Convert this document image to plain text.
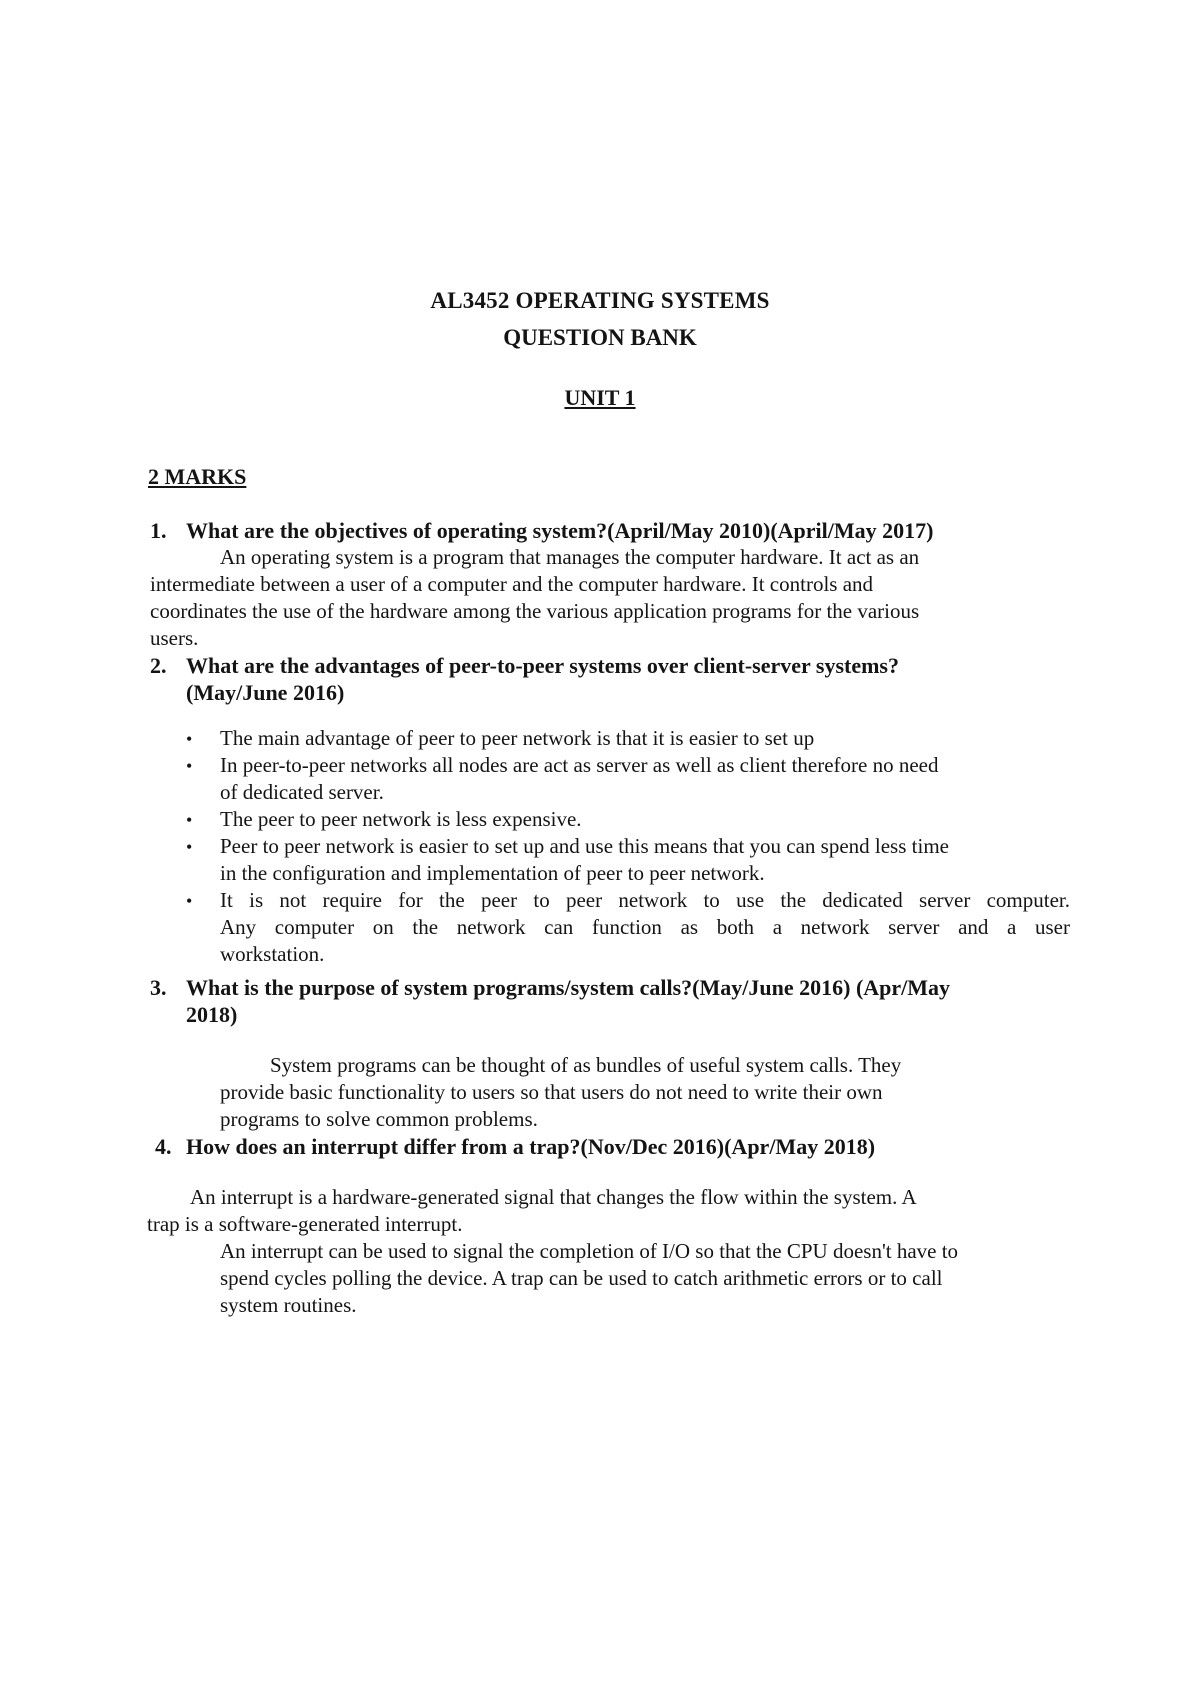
AL3452 OPERATING SYSTEMS
QUESTION BANK
UNIT 1
2 MARKS
1. What are the objectives of operating system?(April/May 2010)(April/May 2017)
An operating system is a program that manages the computer hardware. It act as an
intermediate between a user of a computer and the computer hardware. It controls and
coordinates the use of the hardware among the various application programs for the various
users.
2. What are the advantages of peer-to-peer systems over client-server systems?
(May/June 2016)
• The main advantage of peer to peer network is that it is easier to set up
• In peer-to-peer networks all nodes are act as server as well as client therefore no need
of dedicated server.
• The peer to peer network is less expensive.
• Peer to peer network is easier to set up and use this means that you can spend less time
in the configuration and implementation of peer to peer network.
• It is not require for the peer to peer network to use the dedicated server computer.
Any computer on the network can function as both a network server and a user
workstation.
3. What is the purpose of system programs/system calls?(May/June 2016) (Apr/May
2018)
System programs can be thought of as bundles of useful system calls. They
provide basic functionality to users so that users do not need to write their own
programs to solve common problems.
4. How does an interrupt differ from a trap?(Nov/Dec 2016)(Apr/May 2018)
An interrupt is a hardware-generated signal that changes the flow within the system. A
trap is a software-generated interrupt.
An interrupt can be used to signal the completion of I/O so that the CPU doesn't have to
spend cycles polling the device. A trap can be used to catch arithmetic errors or to call
system routines.
